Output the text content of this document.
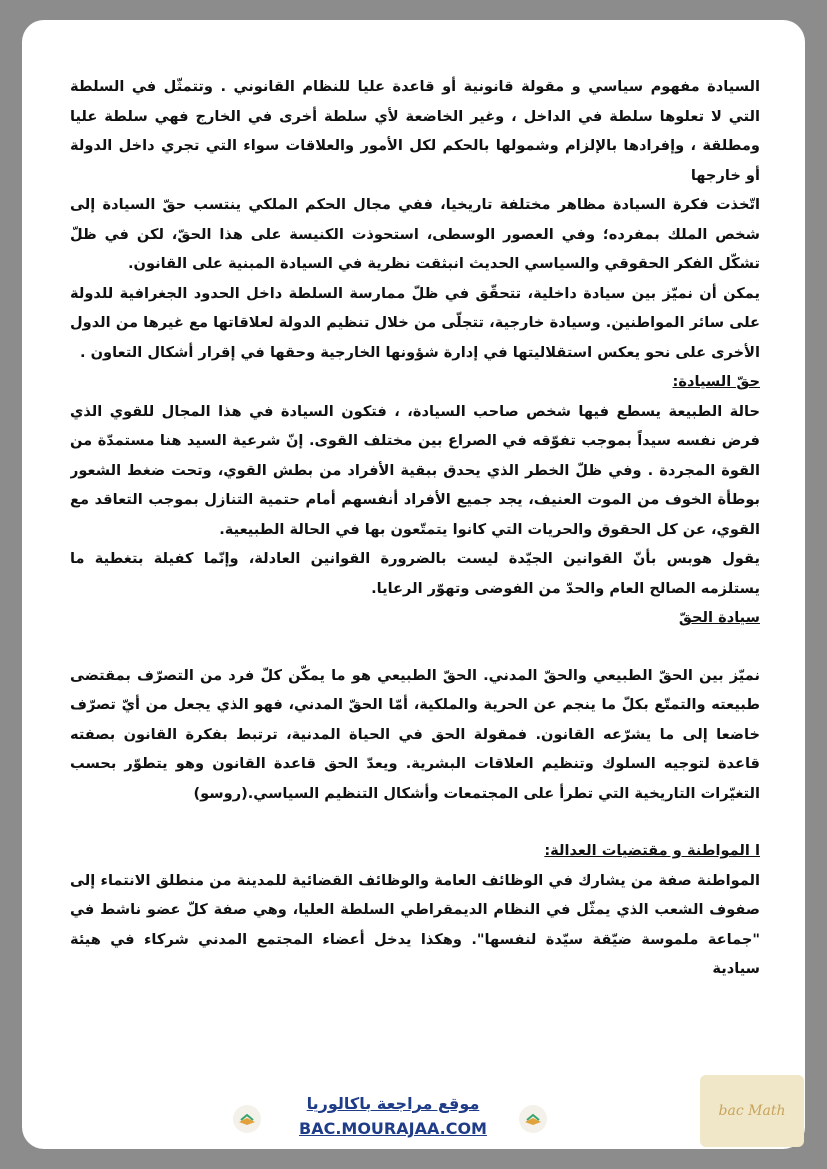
السيادة مفهوم سياسي و مقولة قانونية أو قاعدة عليا للنظام القانوني . وتتمثّل في السلطة التي لا تعلوها سلطة في الداخل ، وغير الخاضعة لأي سلطة أخرى في الخارج فهي سلطة عليا ومطلقة ، وإفرادها بالإلزام وشمولها بالحكم لكل الأمور والعلاقات سواء التي تجري داخل الدولة أو خارجها

اتّخذت فكرة السيادة مظاهر مختلفة تاريخيا، ففي مجال الحكم الملكي ينتسب حقّ السيادة إلى شخص الملك بمفرده؛ وفي العصور الوسطى، استحوذت الكنيسة على هذا الحقّ، لكن في ظلّ تشكّل الفكر الحقوقي والسياسي الحديث انبثقت نظرية في السيادة المبنية على القانون.

يمكن أن نميّز بين سيادة داخلية، تتحقّق في ظلّ ممارسة السلطة داخل الحدود الجغرافية للدولة على سائر المواطنين. وسيادة خارجية، تتجلّى من خلال تنظيم الدولة لعلاقاتها مع غيرها من الدول الأخرى على نحو يعكس استقلاليتها في إدارة شؤونها الخارجية وحقها في إقرار أشكال التعاون .

حقّ السيادة:

حالة الطبيعة يسطع فيها شخص صاحب السيادة، ، فتكون السيادة في هذا المجال للقوي الذي فرض نفسه سيداً بموجب تفوّقه في الصراع بين مختلف القوى. إنّ شرعية السيد هنا مستمدّة من القوة المجردة . وفي ظلّ الخطر الذي يحدق ببقية الأفراد من بطش القوي، وتحت ضغط الشعور بوطأة الخوف من الموت العنيف، يجد جميع الأفراد أنفسهم أمام حتمية التنازل بموجب التعاقد مع القوي، عن كل الحقوق والحريات التي كانوا يتمتّعون بها في الحالة الطبيعية.

يقول هوبس بأنّ القوانين الجيّدة ليست بالضرورة القوانين العادلة، وإنّما كفيلة بتغطية ما يستلزمه الصالح العام والحدّ من الفوضى وتهوّر الرعايا.

سيادة الحقّ

نميّز بين الحقّ الطبيعي والحقّ المدني. الحقّ الطبيعي هو ما يمكّن كلّ فرد من التصرّف بمقتضى طبيعته والتمتّع بكلّ ما ينجم عن الحرية والملكية، أمّا الحقّ المدني، فهو الذي يجعل من أيّ تصرّف خاضعا إلى ما يشرّعه القانون. فمقولة الحق في الحياة المدنية، ترتبط بفكرة القانون بصفته قاعدة لتوجيه السلوك وتنظيم العلاقات البشرية. ويعدّ الحق قاعدة القانون وهو يتطوّر بحسب التغيّرات التاريخية التي تطرأ على المجتمعات وأشكال التنظيم السياسي.(روسو)

ا المواطنة و مقتضيات العدالة:

المواطنة صفة من يشارك في الوظائف العامة والوظائف القضائية للمدينة من منطلق الانتماء إلى صفوف الشعب الذي يمثّل في النظام الديمقراطي السلطة العليا، وهي صفة كلّ عضو ناشط في "جماعة ملموسة ضيّقة سيّدة لنفسها". وهكذا يدخل أعضاء المجتمع المدني شركاء في هيئة سيادية

موقع مراجعة باكالوريا
BAC.MOURAJAA.COM
bac Math
